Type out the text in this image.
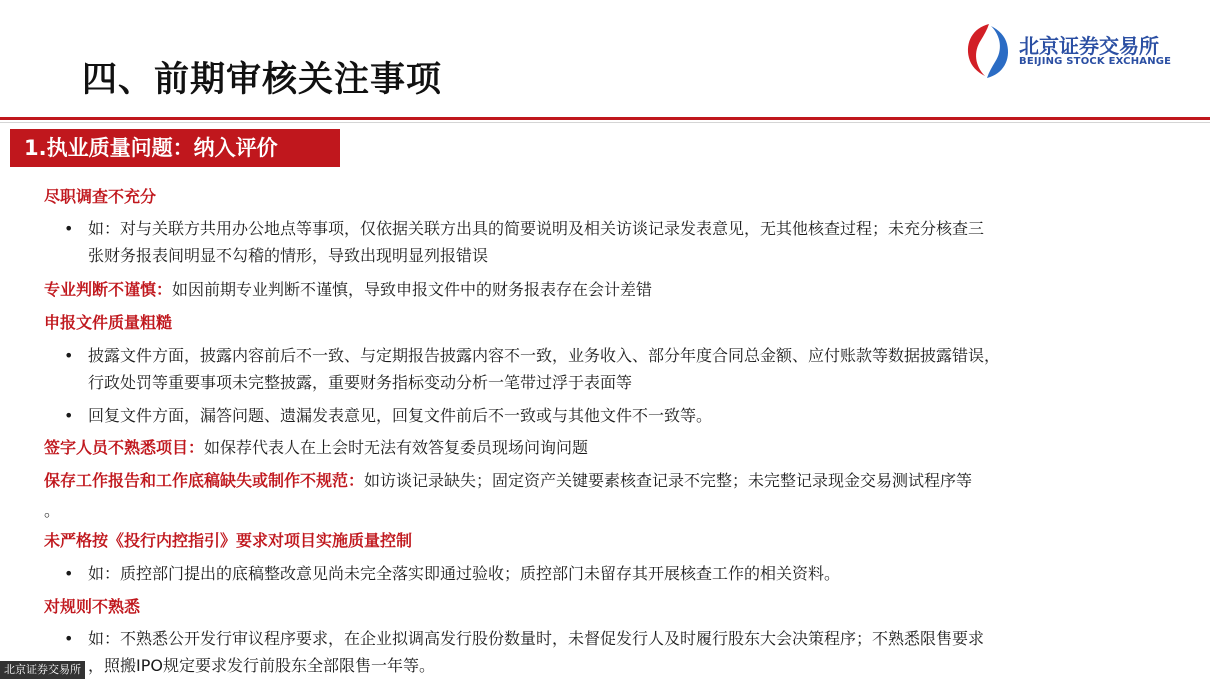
四、前期审核关注事项
北京证券交易所
BEIJING STOCK EXCHANGE
1.执业质量问题：纳入评价
尽职调查不充分
• 如：对与关联方共用办公地点等事项，仅依据关联方出具的简要说明及相关访谈记录发表意见，无其他核查过程；未充分核查三
张财务报表间明显不勾稽的情形，导致出现明显列报错误
专业判断不谨慎：如因前期专业判断不谨慎，导致申报文件中的财务报表存在会计差错
申报文件质量粗糙
• 披露文件方面，披露内容前后不一致、与定期报告披露内容不一致，业务收入、部分年度合同总金额、应付账款等数据披露错误，
行政处罚等重要事项未完整披露，重要财务指标变动分析一笔带过浮于表面等
• 回复文件方面，漏答问题、遗漏发表意见，回复文件前后不一致或与其他文件不一致等。
签字人员不熟悉项目：如保荐代表人在上会时无法有效答复委员现场问询问题
保存工作报告和工作底稿缺失或制作不规范：如访谈记录缺失；固定资产关键要素核查记录不完整；未完整记录现金交易测试程序等
。
未严格按《投行内控指引》要求对项目实施质量控制
• 如：质控部门提出的底稿整改意见尚未完全落实即通过验收；质控部门未留存其开展核查工作的相关资料。
对规则不熟悉
• 如：不熟悉公开发行审议程序要求，在企业拟调高发行股份数量时，未督促发行人及时履行股东大会决策程序；不熟悉限售要求
，照搬IPO规定要求发行前股东全部限售一年等。
北京证券交易所
